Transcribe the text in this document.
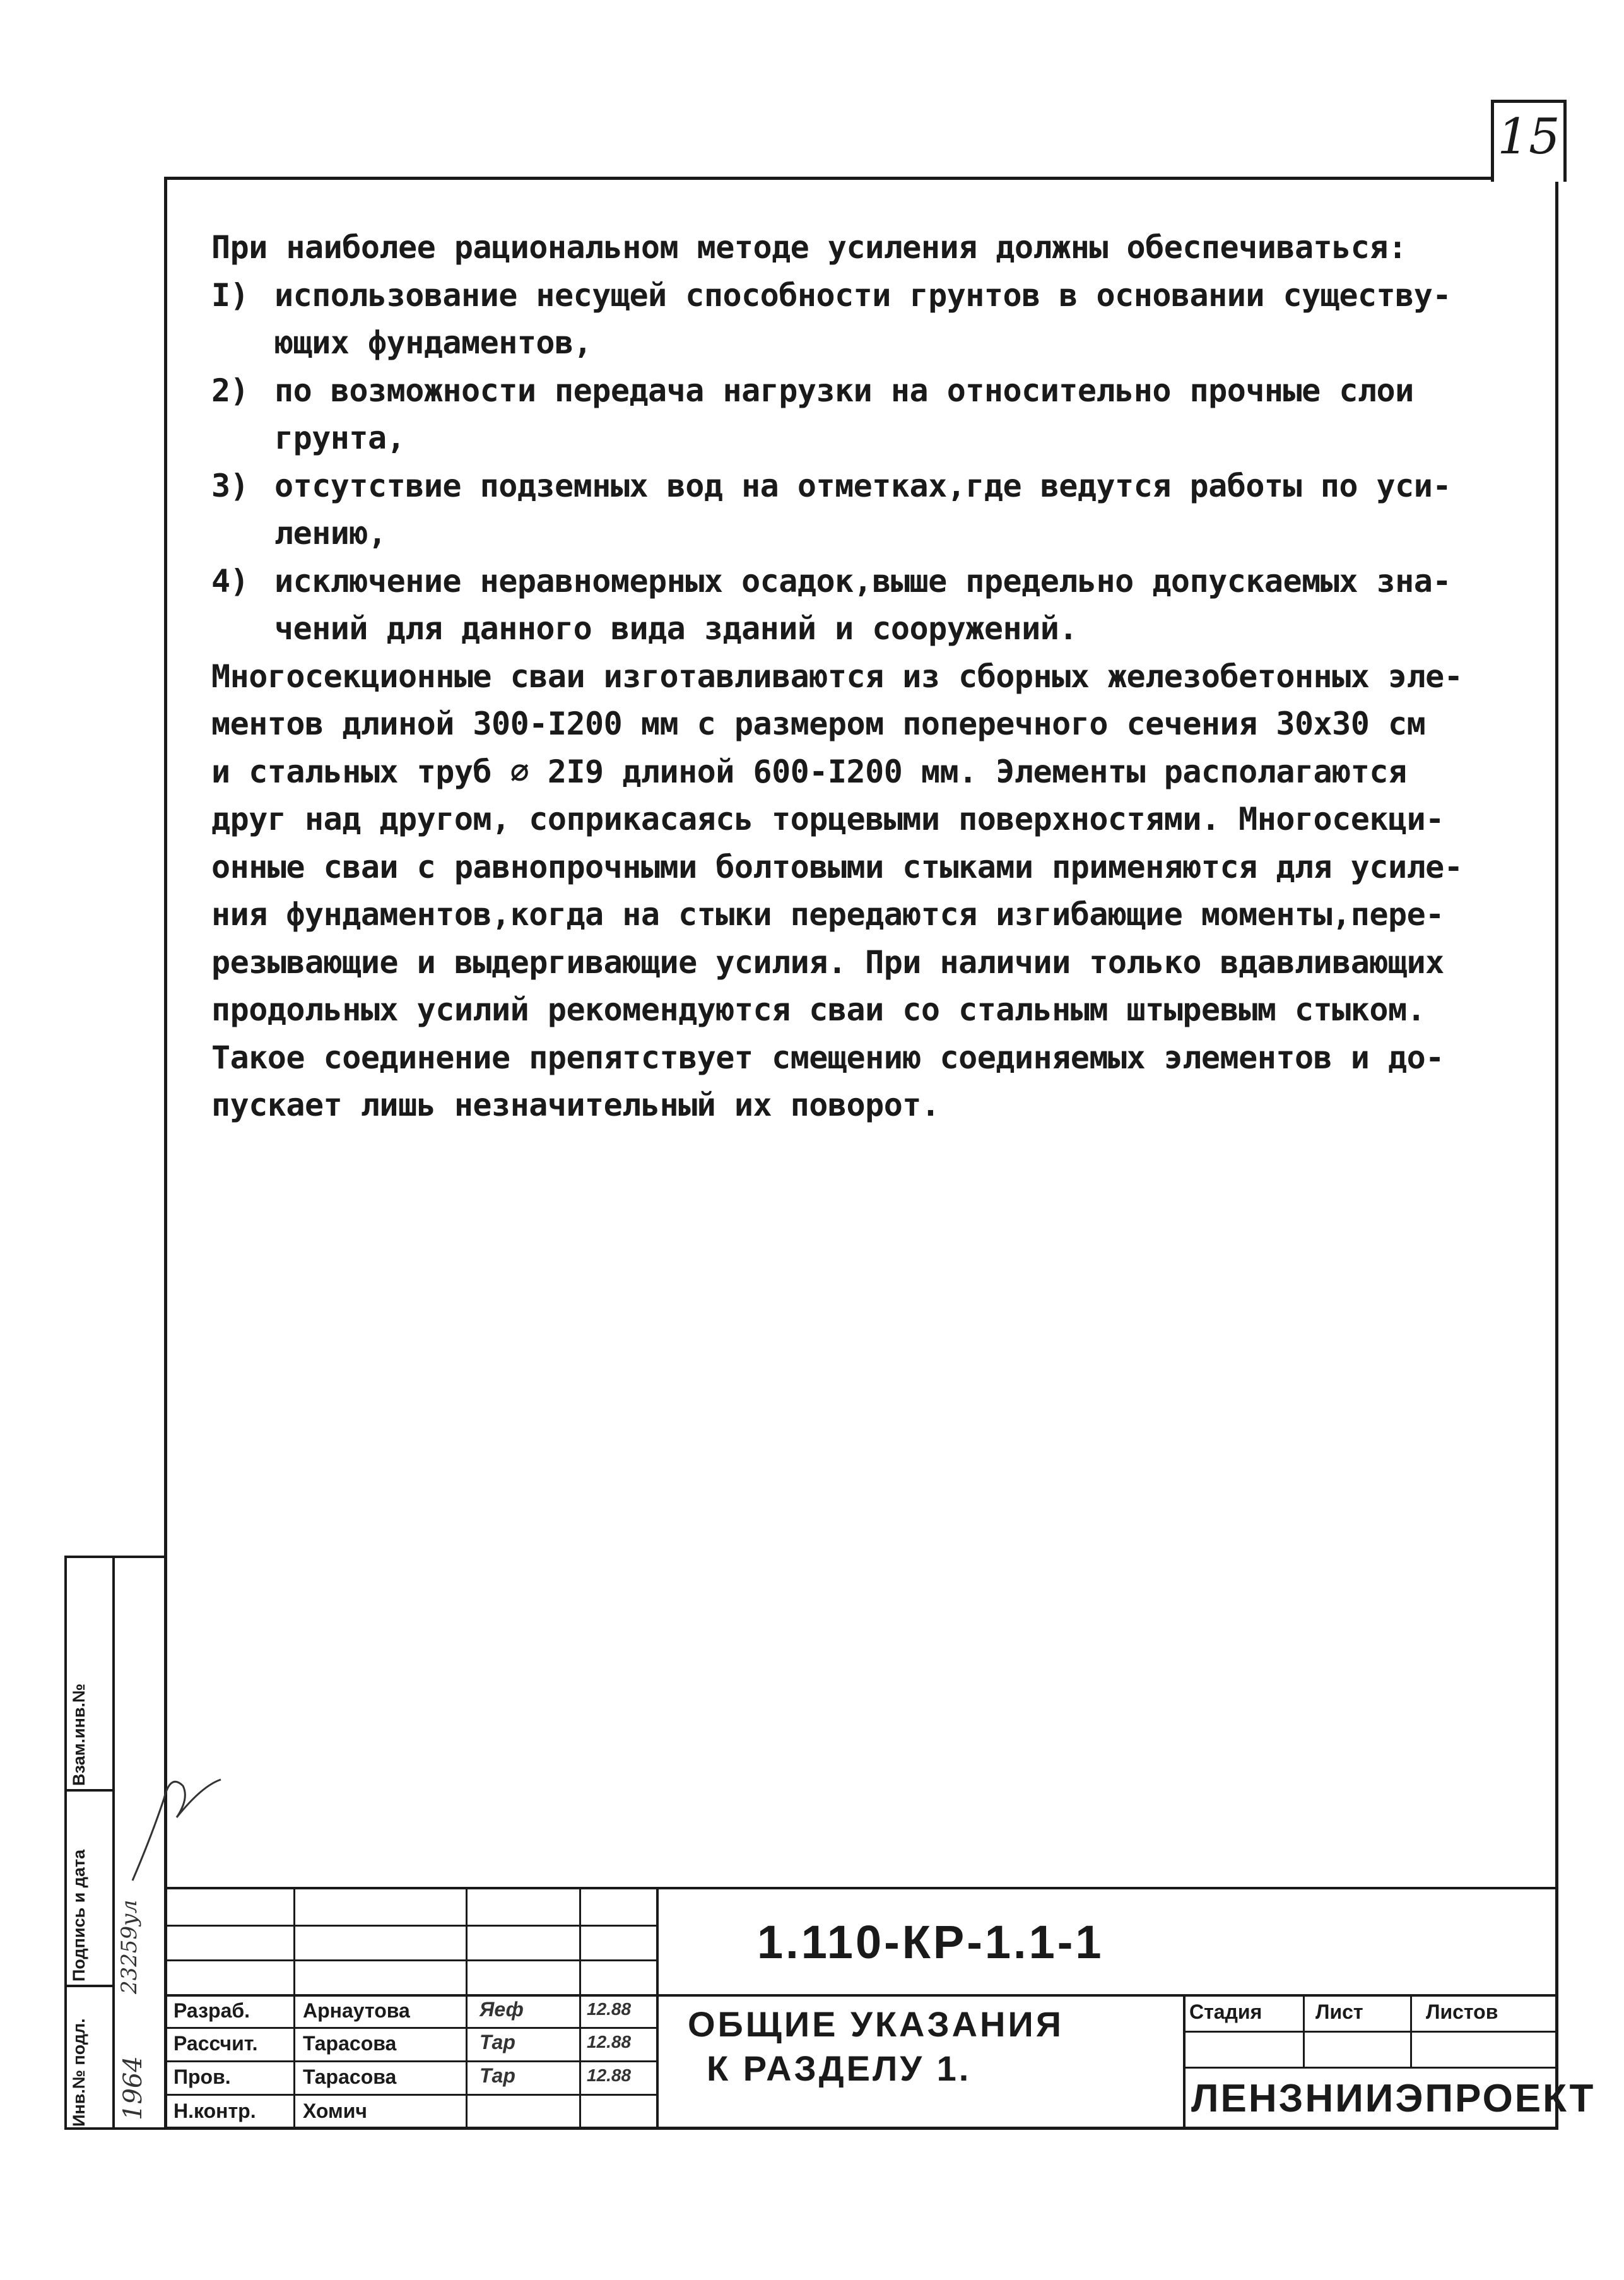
15
При наиболее рациональном методе усиления должны обеспечиваться:
I) использование несущей способности грунтов в основании существу-
ющих фундаментов,
2) по возможности передача нагрузки на относительно прочные слои
грунта,
3) отсутствие подземных вод на отметках,где ведутся работы по уси-
лению,
4) исключение неравномерных осадок,выше предельно допускаемых зна-
чений для данного вида зданий и сооружений.
Многосекционные сваи изготавливаются из сборных железобетонных эле-
ментов длиной 300-I200 мм с размером поперечного сечения 30х30 см
и стальных труб ⌀ 2I9 длиной 600-I200 мм. Элементы располагаются
друг над другом, соприкасаясь торцевыми поверхностями. Многосекци-
онные сваи с равнопрочными болтовыми стыками применяются для усиле-
ния фундаментов,когда на стыки передаются изгибающие моменты,пере-
резывающие и выдергивающие усилия. При наличии только вдавливающих
продольных усилий рекомендуются сваи со стальным штыревым стыком.
Такое соединение препятствует смещению соединяемых элементов и до-
пускает лишь незначительный их поворот.
Взам.инв.№
Подпись и дата
Инв.№ подл.
23259ул
1964
1.110-КР-1.1-1
ОБЩИЕ УКАЗАНИЯ
К РАЗДЕЛУ 1.
Стадия	Лист	Листов
ЛЕНЗНИИЭПРОЕКТ
Разраб.	Арнаутова	Яеф	12.88
Рассчит. Тарасова	Тар	12.88
Пров.	Тарасова	Тар	12.88
Н.контр. Хомич
